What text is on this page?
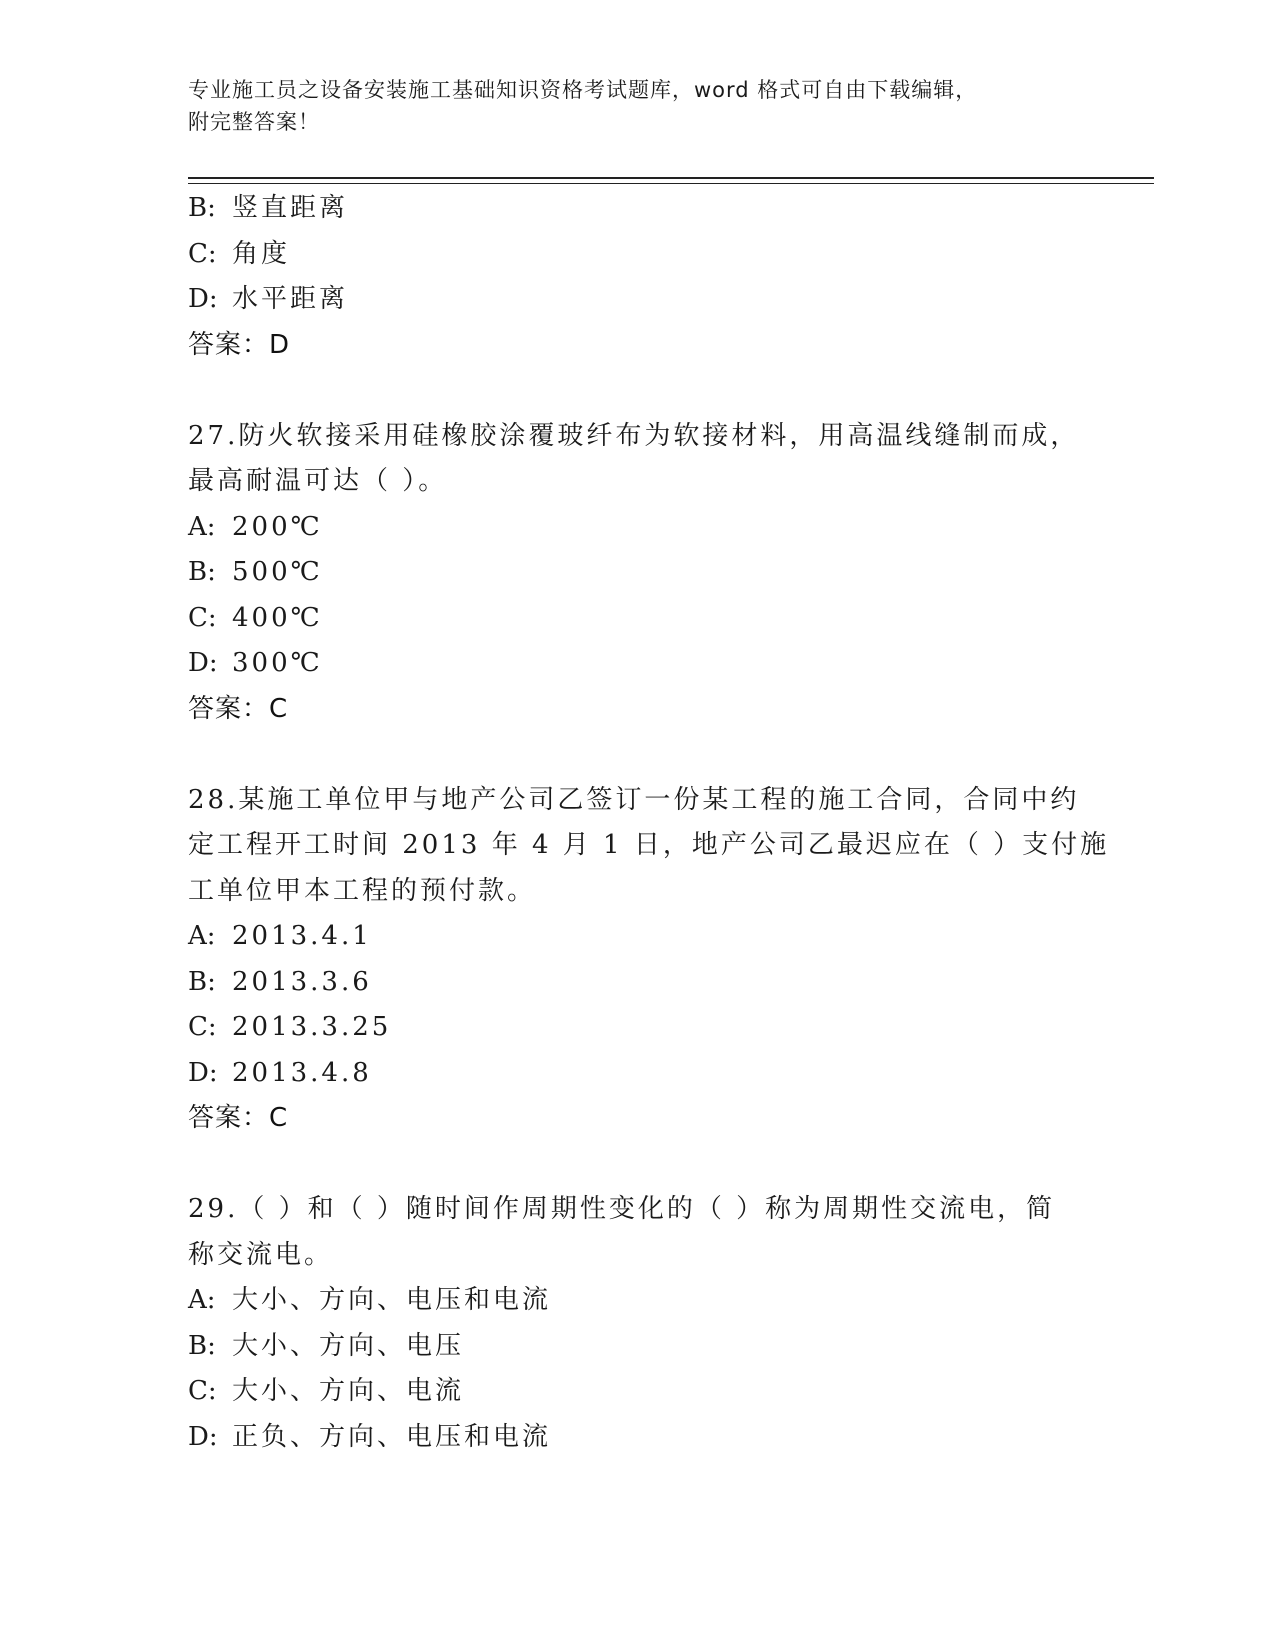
专业施工员之设备安装施工基础知识资格考试题库，word 格式可自由下载编辑，
附完整答案！
B: 竖直距离
C: 角度
D: 水平距离
答案：D
27.防火软接采用硅橡胶涂覆玻纤布为软接材料，用高温线缝制而成，
最高耐温可达（ ）。
A: 200℃
B: 500℃
C: 400℃
D: 300℃
答案：C
28.某施工单位甲与地产公司乙签订一份某工程的施工合同，合同中约
定工程开工时间 2013 年 4 月 1 日，地产公司乙最迟应在（ ）支付施
工单位甲本工程的预付款。
A: 2013.4.1
B: 2013.3.6
C: 2013.3.25
D: 2013.4.8
答案：C
29.（ ）和（ ）随时间作周期性变化的（ ）称为周期性交流电，简
称交流电。
A: 大小、方向、电压和电流
B: 大小、方向、电压
C: 大小、方向、电流
D: 正负、方向、电压和电流
